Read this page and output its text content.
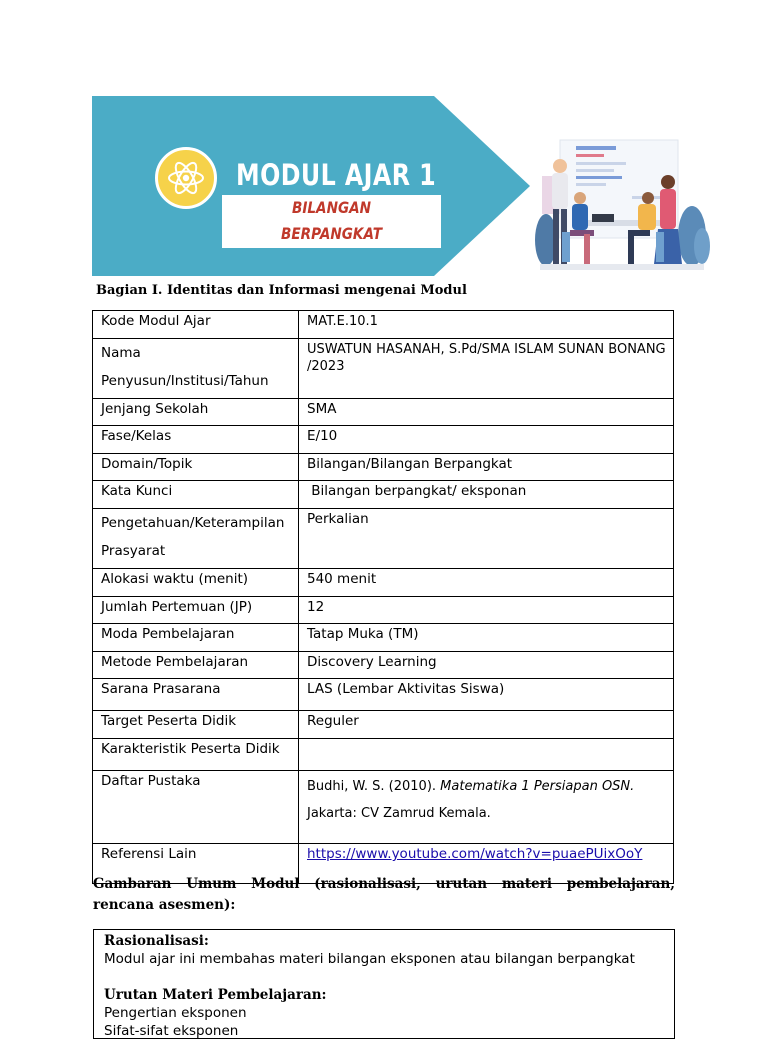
MODUL AJAR 1
BILANGAN
BERPANGKAT
Bagian I. Identitas dan Informasi mengenai Modul
Kode Modul Ajar	MAT.E.10.1
Nama Penyusun/Institusi/Tahun	USWATUN HASANAH, S.Pd/SMA ISLAM SUNAN BONANG /2023
Jenjang Sekolah	SMA
Fase/Kelas	E/10
Domain/Topik	Bilangan/Bilangan Berpangkat
Kata Kunci	Bilangan berpangkat/ eksponan
Pengetahuan/Keterampilan Prasyarat	Perkalian
Alokasi waktu (menit)	540 menit
Jumlah Pertemuan (JP)	12
Moda Pembelajaran	Tatap Muka (TM)
Metode Pembelajaran	Discovery Learning
Sarana Prasarana	LAS (Lembar Aktivitas Siswa)
Target Peserta Didik	Reguler
Karakteristik Peserta Didik	
Daftar Pustaka	Budhi, W. S. (2010). Matematika 1 Persiapan OSN.
Jakarta: CV Zamrud Kemala.
Referensi Lain	https://www.youtube.com/watch?v=puaePUixOoY
Gambaran Umum Modul (rasionalisasi, urutan materi pembelajaran, rencana asesmen):
Rasionalisasi:
Modul ajar ini membahas materi bilangan eksponen atau bilangan berpangkat
Urutan Materi Pembelajaran:
Pengertian eksponen
Sifat-sifat eksponen
